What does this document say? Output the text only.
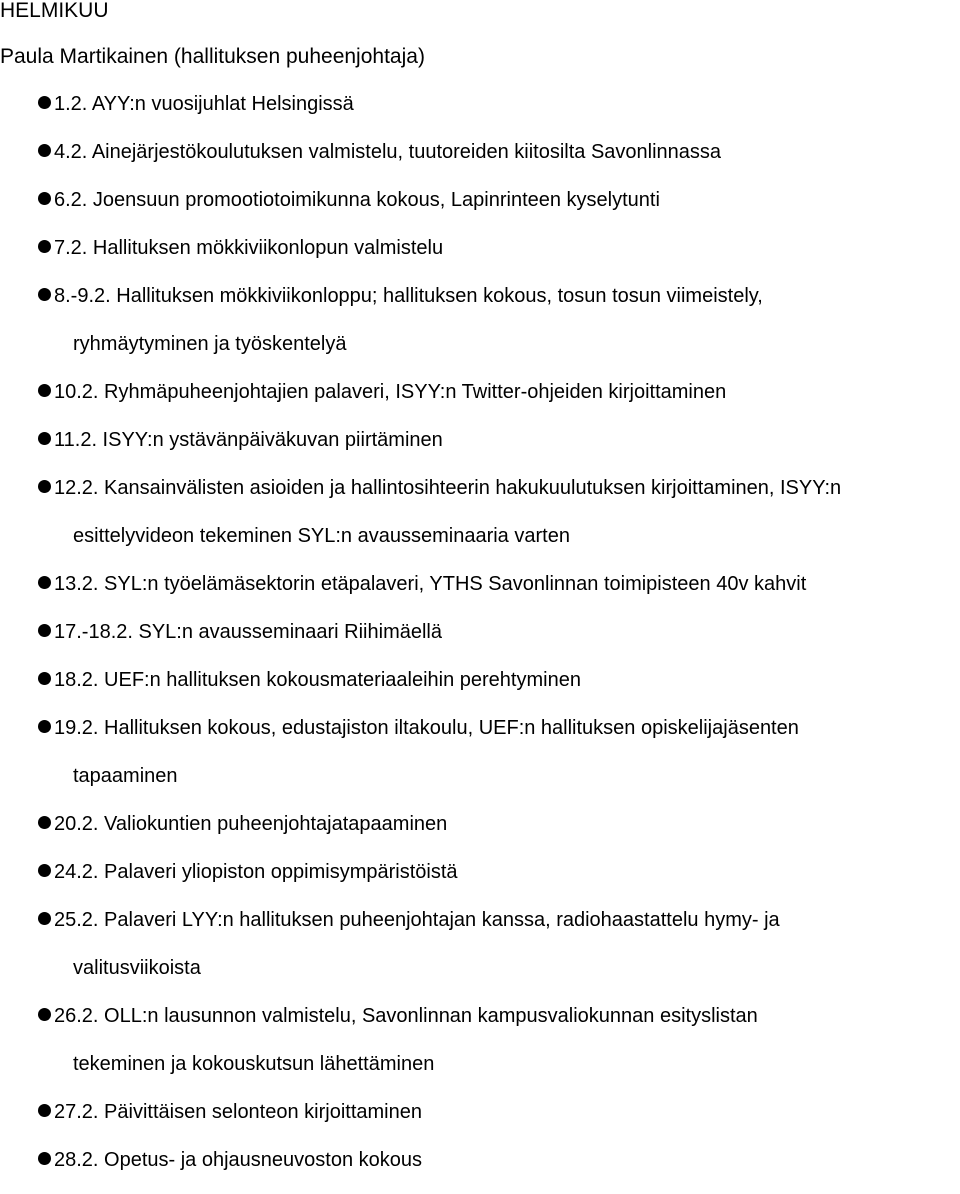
HELMIKUU
Paula Martikainen (hallituksen puheenjohtaja)
1.2. AYY:n vuosijuhlat Helsingissä
4.2. Ainejärjestökoulutuksen valmistelu, tuutoreiden kiitosilta Savonlinnassa
6.2. Joensuun promootiotoimikunna kokous, Lapinrinteen kyselytunti
7.2. Hallituksen mökkiviikonlopun valmistelu
8.-9.2. Hallituksen mökkiviikonloppu; hallituksen kokous, tosun tosun viimeistely,
ryhmäytyminen ja työskentelyä
10.2. Ryhmäpuheenjohtajien palaveri, ISYY:n Twitter-ohjeiden kirjoittaminen
11.2. ISYY:n ystävänpäiväkuvan piirtäminen
12.2. Kansainvälisten asioiden ja hallintosihteerin hakukuulutuksen kirjoittaminen, ISYY:n
esittelyvideon tekeminen SYL:n avausseminaaria varten
13.2. SYL:n työelämäsektorin etäpalaveri, YTHS Savonlinnan toimipisteen 40v kahvit
17.-18.2. SYL:n avausseminaari Riihimäellä
18.2. UEF:n hallituksen kokousmateriaaleihin perehtyminen
19.2. Hallituksen kokous, edustajiston iltakoulu, UEF:n hallituksen opiskelijajäsenten
tapaaminen
20.2. Valiokuntien puheenjohtajatapaaminen
24.2. Palaveri yliopiston oppimisympäristöistä
25.2. Palaveri LYY:n hallituksen puheenjohtajan kanssa, radiohaastattelu hymy- ja
valitusviikoista
26.2. OLL:n lausunnon valmistelu, Savonlinnan kampusvaliokunnan esityslistan
tekeminen ja kokouskutsun lähettäminen
27.2. Päivittäisen selonteon kirjoittaminen
28.2. Opetus- ja ohjausneuvoston kokous
